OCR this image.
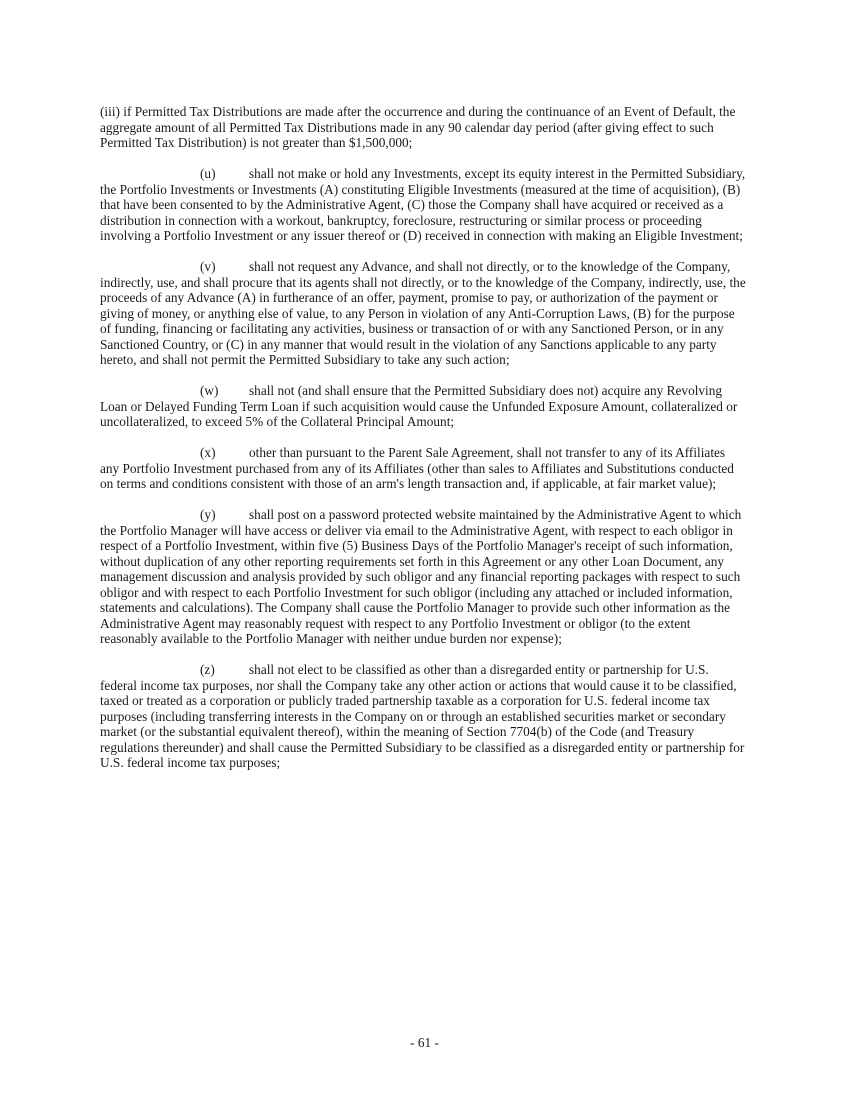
(iii) if Permitted Tax Distributions are made after the occurrence and during the continuance of an Event of Default, the aggregate amount of all Permitted Tax Distributions made in any 90 calendar day period (after giving effect to such Permitted Tax Distribution) is not greater than $1,500,000;

(u)	shall not make or hold any Investments, except its equity interest in the Permitted Subsidiary, the Portfolio Investments or Investments (A) constituting Eligible Investments (measured at the time of acquisition), (B) that have been consented to by the Administrative Agent, (C) those the Company shall have acquired or received as a distribution in connection with a workout, bankruptcy, foreclosure, restructuring or similar process or proceeding involving a Portfolio Investment or any issuer thereof or (D) received in connection with making an Eligible Investment;

(v)	shall not request any Advance, and shall not directly, or to the knowledge of the Company, indirectly, use, and shall procure that its agents shall not directly, or to the knowledge of the Company, indirectly, use, the proceeds of any Advance (A) in furtherance of an offer, payment, promise to pay, or authorization of the payment or giving of money, or anything else of value, to any Person in violation of any Anti-Corruption Laws, (B) for the purpose of funding, financing or facilitating any activities, business or transaction of or with any Sanctioned Person, or in any Sanctioned Country, or (C) in any manner that would result in the violation of any Sanctions applicable to any party hereto, and shall not permit the Permitted Subsidiary to take any such action;

(w) shall not (and shall ensure that the Permitted Subsidiary does not) acquire any Revolving Loan or Delayed Funding Term Loan if such acquisition would cause the Unfunded Exposure Amount, collateralized or uncollateralized, to exceed 5% of the Collateral Principal Amount;

(x)	other than pursuant to the Parent Sale Agreement, shall not transfer to any of its Affiliates any Portfolio Investment purchased from any of its Affiliates (other than sales to Affiliates and Substitutions conducted on terms and conditions consistent with those of an arm's length transaction and, if applicable, at fair market value);

(y)	shall post on a password protected website maintained by the Administrative Agent to which the Portfolio Manager will have access or deliver via email to the Administrative Agent, with respect to each obligor in respect of a Portfolio Investment, within five (5) Business Days of the Portfolio Manager's receipt of such information, without duplication of any other reporting requirements set forth in this Agreement or any other Loan Document, any management discussion and analysis provided by such obligor and any financial reporting packages with respect to such obligor and with respect to each Portfolio Investment for such obligor (including any attached or included information, statements and calculations). The Company shall cause the Portfolio Manager to provide such other information as the Administrative Agent may reasonably request with respect to any Portfolio Investment or obligor (to the extent reasonably available to the Portfolio Manager with neither undue burden nor expense);

(z)	shall not elect to be classified as other than a disregarded entity or partnership for U.S. federal income tax purposes, nor shall the Company take any other action or actions that would cause it to be classified, taxed or treated as a corporation or publicly traded partnership taxable as a corporation for U.S. federal income tax purposes (including transferring interests in the Company on or through an established securities market or secondary market (or the substantial equivalent thereof), within the meaning of Section 7704(b) of the Code (and Treasury regulations thereunder) and shall cause the Permitted Subsidiary to be classified as a disregarded entity or partnership for U.S. federal income tax purposes;

- 61 -
